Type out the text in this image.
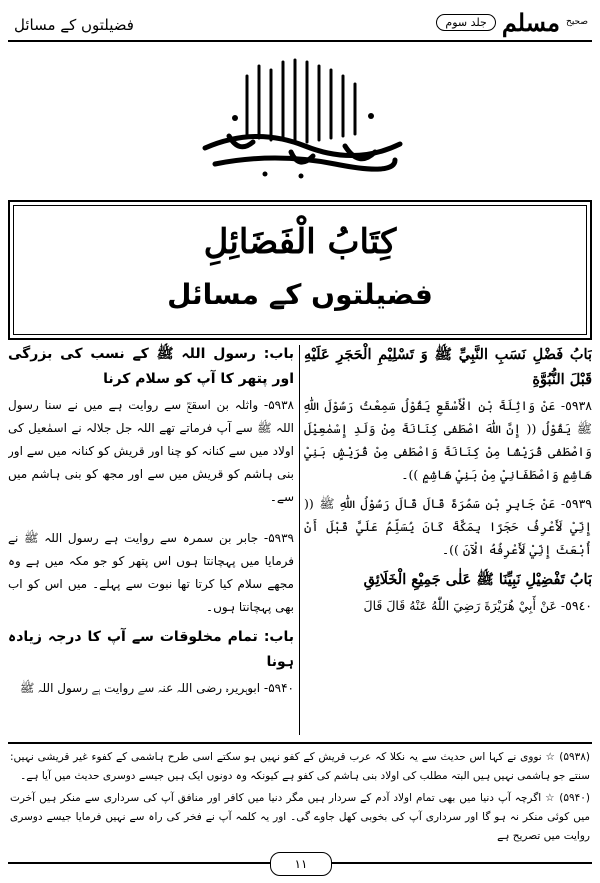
فضیلتوں کے مسائل	صحیح
مسلم
جلد سوم
كِتَابُ الْفَضَائِلِ
فضیلتوں کے مسائل

بَابُ فَضْلِ نَسَبِ النَّبِيِّ ﷺ وَ تَسْلِيْمِ الْحَجَرِ عَلَيْهِ قَبْلَ النُّبُوَّةِ

٥٩٣٨- عَنْ وَاثِلَةَ بْنِ الْأَسْقَعِ يَقُوْلُ سَمِعْتُ رَسُوْلَ اللّٰهِ ﷺ يَقُوْلُ (( إِنَّ اللّٰهَ اصْطَفٰى كِنَانَةَ مِنْ وَلَدِ إِسْمٰعِيْلَ وَاصْطَفٰى قُرَيْشًا مِنْ كِنَانَةَ وَاصْطَفٰى مِنْ قُرَيْشٍ بَنِيْ هَاشِمٍ وَاصْطَفَانِيْ مِنْ بَنِيْ هَاشِمٍ ))۔

٥٩٣٩- عَنْ جَابِرِ بْنِ سَمُرَةَ قَالَ قَالَ رَسُوْلُ اللّٰهِ ﷺ (( إِنِّيْ لَأَعْرِفُ حَجَرًا بِمَكَّةَ كَانَ يُسَلِّمُ عَلَيَّ قَبْلَ أَنْ أُبْعَثَ إِنِّيْ لَأَعْرِفُهُ الْآنَ ))۔

بَابُ تَفْضِيْلِ نَبِيِّنَا ﷺ عَلٰى جَمِيْعِ الْخَلَائِقِ

٥٩٤٠- عَنْ أَبِيْ هُرَيْرَةَ رَضِيَ اللّٰهُ عَنْهُ قَالَ قَالَ

باب: رسول اللہ ﷺ کے نسب کی بزرگی اور پتھر کا آپ کو سلام کرنا

۵۹۳۸- واثلہ بن اسقعؓ سے روایت ہے میں نے سنا رسول اللہ ﷺ سے آپ فرماتے تھے اللہ جل جلالہ نے اسمٰعیل کی اولاد میں سے کنانہ کو چنا اور قریش کو کنانہ میں سے اور بنی ہاشم کو قریش میں سے اور مجھ کو بنی ہاشم میں سے۔

۵۹۳۹- جابر بن سمرہ سے روایت ہے رسول اللہ ﷺ نے فرمایا میں پہچانتا ہوں اس پتھر کو جو مکہ میں ہے وہ مجھے سلام کیا کرتا تھا نبوت سے پہلے۔ میں اس کو اب بھی پہچانتا ہوں۔

باب: تمام مخلوقات سے آپ کا درجہ زیادہ ہونا

۵۹۴۰- ابوہریرہ رضی اللہ عنہ سے روایت ہے رسول اللہ ﷺ

(۵۹۳۸) ☆ نووی نے کہا اس حدیث سے یہ نکلا کہ عرب قریش کے کفو نہیں ہو سکتے اسی طرح ہاشمی کے کفوء غیر قریشی نہیں: سنتے جو ہاشمی نہیں ہیں البتہ مطلب کی اولاد بنی ہاشم کی کفو ہے کیونکہ وہ دونوں ایک ہیں جیسے دوسری حدیث میں آیا ہے۔

(۵۹۴۰) ☆ اگرچہ آپ دنیا میں بھی تمام اولاد آدم کے سردار ہیں مگر دنیا میں کافر اور منافق آپ کی سرداری سے منکر ہیں آخرت میں کوئی منکر نہ ہو گا اور سرداری آپ کی بخوبی کھل جاوے گی۔ اور یہ کلمہ آپ نے فخر کی راہ سے نہیں فرمایا جیسے دوسری روایت میں تصریح ہے

۱۱
